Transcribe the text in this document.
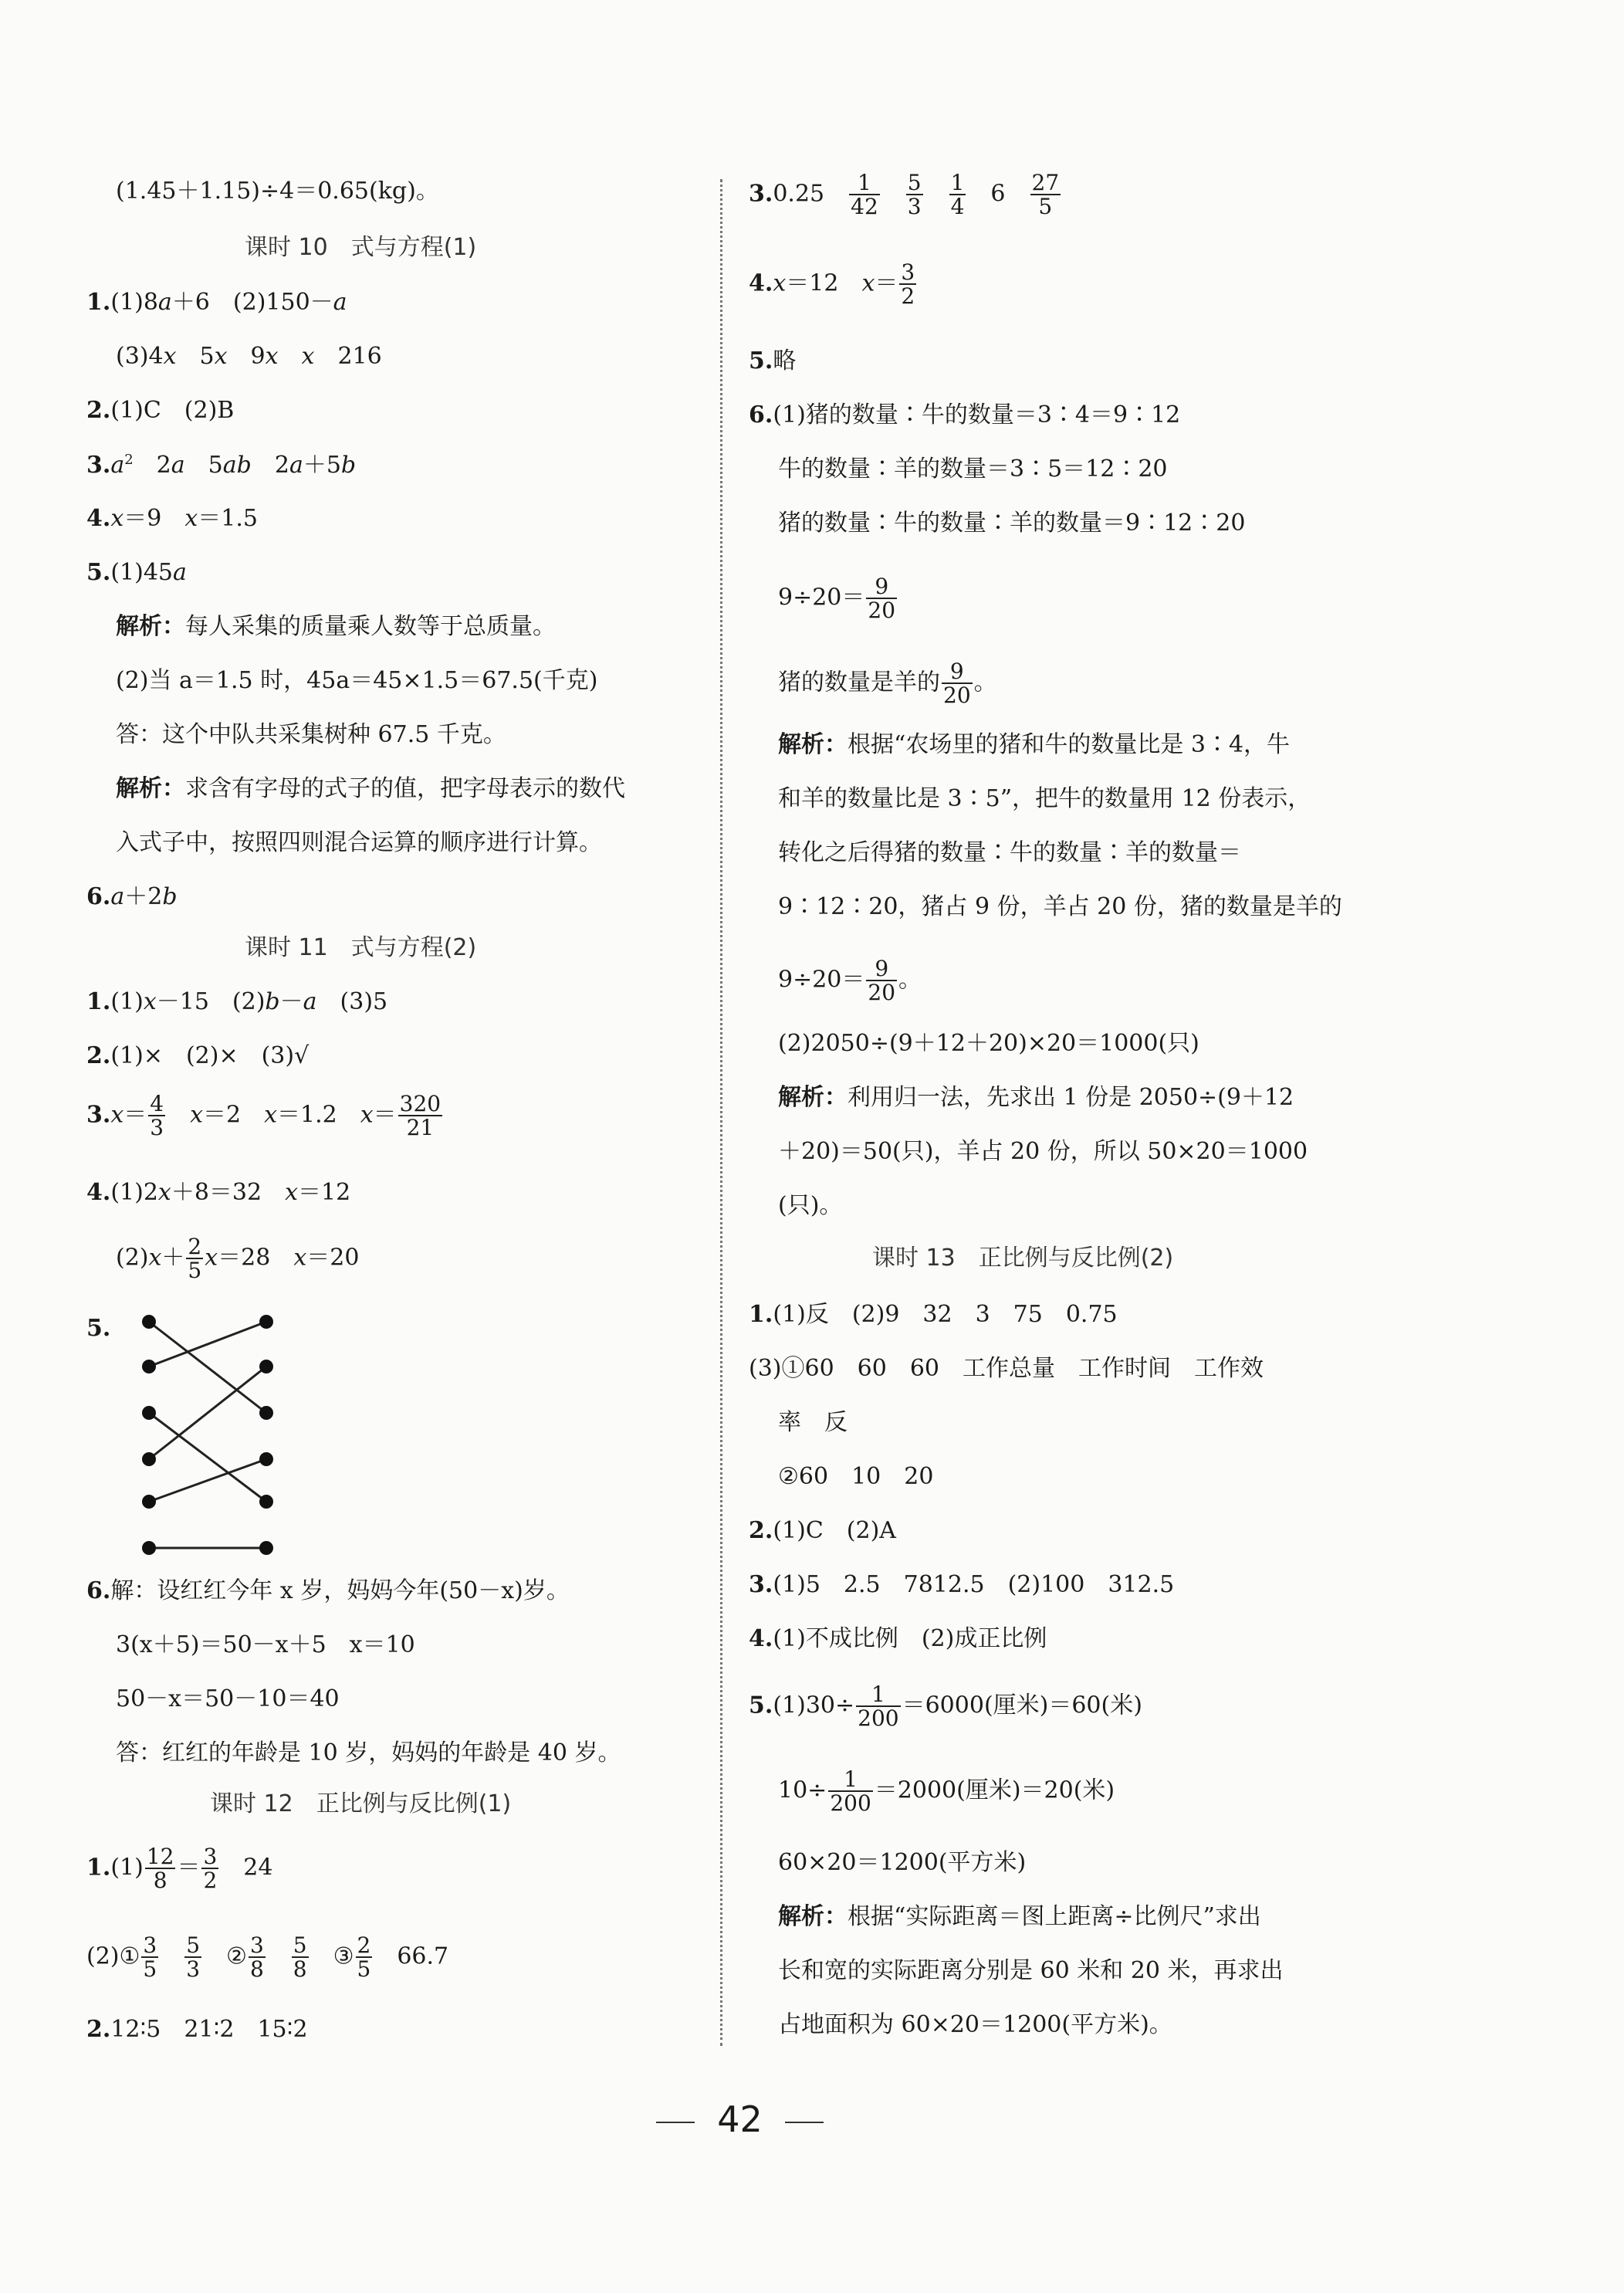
(1.45＋1.15)÷4＝0.65(kg)。
课时 10　式与方程(1)
1.(1)8a＋6　(2)150－a
(3)4x　5x　9x x　216
2.(1)C　(2)B
$3.a^2$　2a　5ab　2a＋5b
4.x＝9　x＝1.5
5.(1)45a
解析：每人采集的质量乘人数等于总质量。
(2)当 a＝1.5 时，45a＝45×1.5＝67.5(千克)
答：这个中队共采集树种 67.5 千克。
解析：求含有字母的式子的值，把字母表示的数代
入式子中，按照四则混合运算的顺序进行计算。
6.a＋2b
课时 11　式与方程(2)
1.(1)x－15　(2)b－a　(3)5
2.(1)×　(2)×　(3)√
$3.x= \frac{4}{3} x=2$　x＝1.2　$x= \frac{320}{21}$
4.(1)2x＋8＝32　x＝12
$(2)x+ \frac{2}{5} x=28$　x＝20
5.
6.解：设红红今年 x 岁，妈妈今年(50－x)岁。
3(x＋5)＝50－x＋5　x＝10
50－x＝50－10＝40
答：红红的年龄是 10 岁，妈妈的年龄是 40 岁。
课时 12　正比例与反比例(1)
$1.(1) \frac{12}{8} = \frac{3}{2}$ 　24
(2)① $\frac{3}{5} \frac{5}{3}$ ② $\frac{3}{8} \frac{5}{8}$ ③ $\frac{2}{5}$ 　66.7
2.12∶5　21∶2　15∶2
$3.0.25 \frac{1}{42} \frac{5}{3} \frac{1}{4} 6 \frac{27}{5}$
4.x＝12　$x= \frac{3}{2}$
5.略
6.(1)猪的数量∶牛的数量＝3∶4＝9∶12
牛的数量∶羊的数量＝3∶5＝12∶20
猪的数量∶牛的数量∶羊的数量＝9∶12∶20
$9\div 20= \frac{9}{20}$
猪的数量是羊的 $\frac{9}{20}$ 。
解析：根据“农场里的猪和牛的数量比是 3∶4，牛
和羊的数量比是 3∶5”，把牛的数量用 12 份表示，
转化之后得猪的数量∶牛的数量∶羊的数量＝
9∶12∶20，猪占 9 份，羊占 20 份，猪的数量是羊的
$9\div 20= \frac{9}{20}$ 。
(2)2050÷(9＋12＋20)×20＝1000(只)
解析：利用归一法，先求出 1 份是 2050÷(9＋12
＋20)＝50(只)，羊占 20 份，所以 50×20＝1000
(只)。
课时 13　正比例与反比例(2)
1.(1)反　(2)9　32　3　75　0.75
(3)①60　60　60　工作总量　工作时间　工作效
率　反
②60　10　20
2.(1)C　(2)A
3.(1)5　2.5　7812.5　(2)100　312.5
4.(1)不成比例　(2)成正比例
$5.(1)30\div \frac{1}{200} =6000$(厘米)＝60(米)
$10\div \frac{1}{200} =2000$(厘米)＝20(米)
60×20＝1200(平方米)
解析：根据“实际距离＝图上距离÷比例尺”求出
长和宽的实际距离分别是 60 米和 20 米，再求出
占地面积为 60×20＝1200(平方米)。
42
